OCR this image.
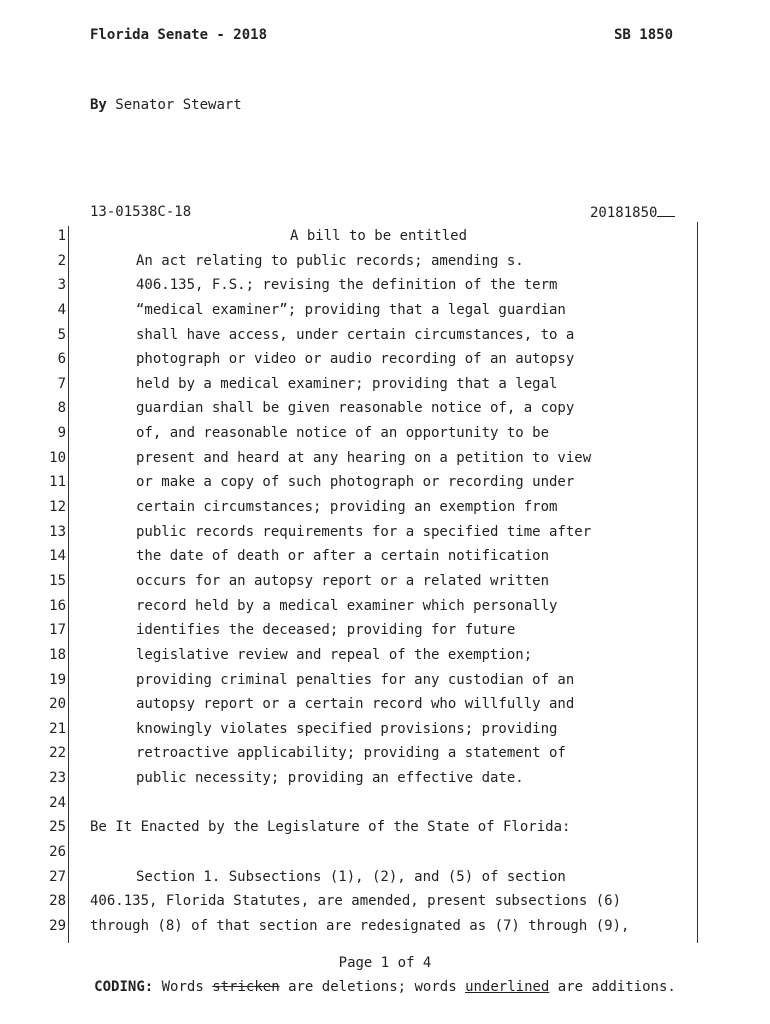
Florida Senate - 2018	SB 1850
By Senator Stewart
13-01538C-18	20181850
1	A bill to be entitled
2	An act relating to public records; amending s.
3	406.135, F.S.; revising the definition of the term
4	“medical examiner”; providing that a legal guardian
5	shall have access, under certain circumstances, to a
6	photograph or video or audio recording of an autopsy
7	held by a medical examiner; providing that a legal
8	guardian shall be given reasonable notice of, a copy
9	of, and reasonable notice of an opportunity to be
10	present and heard at any hearing on a petition to view
11	or make a copy of such photograph or recording under
12	certain circumstances; providing an exemption from
13	public records requirements for a specified time after
14	the date of death or after a certain notification
15	occurs for an autopsy report or a related written
16	record held by a medical examiner which personally
17	identifies the deceased; providing for future
18	legislative review and repeal of the exemption;
19	providing criminal penalties for any custodian of an
20	autopsy report or a certain record who willfully and
21	knowingly violates specified provisions; providing
22	retroactive applicability; providing a statement of
23	public necessity; providing an effective date.
24
25 Be It Enacted by the Legislature of the State of Florida:
26
27	Section 1. Subsections (1), (2), and (5) of section
28 406.135, Florida Statutes, are amended, present subsections (6)
29 through (8) of that section are redesignated as (7) through (9),
Page 1 of 4
CODING: Words stricken are deletions; words underlined are additions.
